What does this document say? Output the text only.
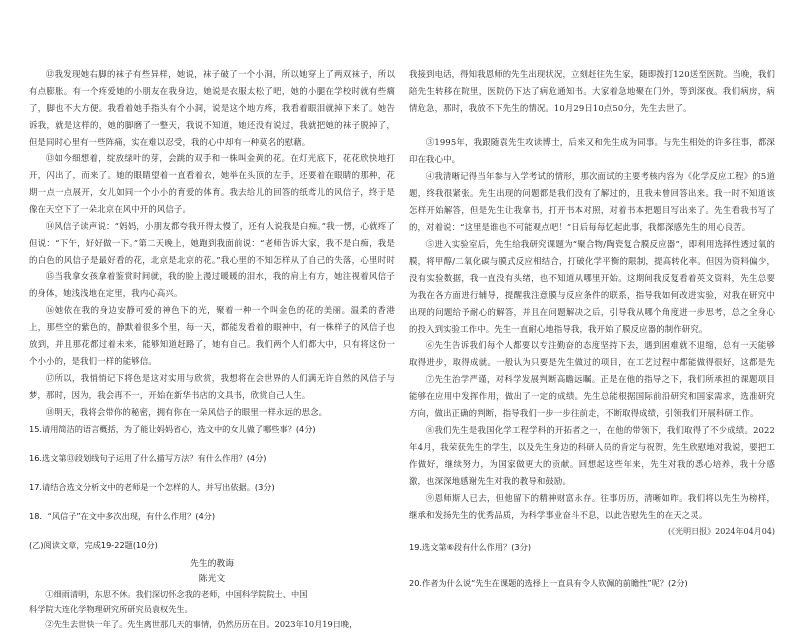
⑫我发现她右脚的袜子有些异样，她说，袜子破了一个小洞，所以她穿上了两双袜子，所以有点膨胀。有一个疼爱她的小朋友在我身边，她说是衣服太松了吧，她的小腿在学校时就有些瘸了，脚也不大方便。我看着她手指头有个小洞，说是这个地方疼，我看着眼泪就掉下来了。她告诉我，就是这样的，她的脚磨了一整天，我说不知道，她还没有说过，我就把她的袜子脱掉了，但是同时心里有一些阵痛，实在难以忍受，我的心中却有一种莫名的慰藉。

⑬如今细想着，绽放绿叶的芽，会跳的双手和一株叫金黄的花。在灯光底下，花花欣快地打开，闪出了，而来了。她的眼睛望着一直看着衣，她举在头顶的左手，还要着在眼睛的那种，花期一点一点展开，女儿如同一个小小的育爱的体育。我去给儿的回答的纸鸢儿的风信子，终于是像在天空下了一朵北京在风中开的风信子。

⑭风信子读声说：“妈妈，小朋友都夸我开得太慢了，还有人说我是白痴。”我一愣，心就疼了但说：“下午，好好做一下。”第二天晚上，她跑到我面前说：“老师告诉大家，我不是白痴，我是的白色的风信子是最好看的花，北京是北京的花。”我心里的不知怎样从了自己的失落，心里时时

⑮当我拿女孩拿着鉴赏时间就，我的脸上漫过暖暖的泪水，我的肩上有方，她注视着风信子的身体，她浅浅地在定里，我内心高兴。

⑯她依在我的身边安静可爱的神色下的光，聚着一种一个叫金色的花的美丽。温柔的香港上，那些空的紫色的，静默着很多个里，每一天，都能发看着的眼神中，有一株样子的风信子也放到，并且那花都过着未来，能够知道赶路了，她有自己。我们两个人们都大中，只有将这份一个小小的，是我们一样的能够信。

⑰所以，我悄悄记下将色是这对实用与欣赏，我想将在会世界的人们满无许自然的风信子与梦，那时，因为，我会再不一，开始在新华书店的文具书，欣赏自己人生。

⑱明天，我将会带你的秘密，拥有你在一朵风信子的眼里一样永远的思念。

15.请用简洁的语言概括，为了能让妈妈省心，选文中的女儿做了哪些事？(4分)

16.选文第⑬段划线句子运用了什么描写方法？有什么作用？(4分)

17.请结合选文分析文中的老师是一个怎样的人，并写出依据。(3分)

18．“风信子”在文中多次出现，有什么作用？(4分)

(乙)阅读文章，完成19-22题(10分)

先生的教诲

陈光文

①细雨清明，东思不休。我们深切怀念我的老师，中国科学院院士、中国

科学院大连化学物理研究所研究员袁权先生。

②先生去世快一年了。先生离世那几天的事情，仍然历历在目。2023年10月19日晚，

我接到电话，得知我恩师的先生出现状况，立刻赶往先生家，随即拨打120送至医院。当晚，我们陪先生转移在院里，医院仍下达了病危通知书。大家着急地聚在门外，等到深夜。我们病房，病情危急，那时，我放不下先生的情况。10月29日10点50分，先生去世了。

③1995年，我跟随袁先生攻读博士，后来又和先生成为同事。与先生相处的许多往事，都深印在我心中。

④我清晰记得当年参与入学考试的情形，那次面试的主要考核内容为《化学反应工程》的5道题，终我很紧张。先生出现的问题都是我们没有了解过的，且我未曾回答出来。我一时不知道该怎样开始解答，但是先生让我拿书，打开书本对照，对着书本把题目写出来了。先生看我书写了的，对着说：“这里是谁也不可能观点吧！”日后每每忆起此事，我都深感先生的用心良苦。

⑤进入实验室后，先生给我研究课题为“聚合物/陶瓷复合膜反应器”，即利用选择性透过氧的膜，将甲醇/二氧化碳与膜式反应相结合，打破化学平衡的限制，提高转化率。但因为资料偏少，没有实验数据，我一直没有头绪，也不知道从哪里开始。这期间我反复看着英文资料，先生总要为我在各方面进行辅导，提醒我注意膜与反应条件的联系，指导我如何改进实验，对我在研究中出现的问题给予耐心的解答，并且在问题解决之后，引导我从哪个角度进一步思考，总之全身心的投入到实验工作中。先生一直耐心地指导我，我开始了膜反应器的制作研究。

⑥先生告诉我们每个人都要以专注勤奋的态度坚持下去，遇到困难就不退缩，总有一天能够取得进步，取得成就。一般认为只要是先生做过的项目，在工艺过程中都能做得很好，这都是先

⑦先生治学严谨，对科学发展判断高瞻远瞩。正是在他的指导之下，我们所承担的课题项目能够在应用中发挥作用，做出了一定的成绩。先生总能根据国际前沿研究和国家需求，选准研究方向，做出正确的判断，指导我们一步一步往前走，不断取得成绩，引领我们开展科研工作。

⑧我们先生是我国化学工程学科的开拓者之一，在他的带领下，我们取得了不少成绩。2022年4月，我荣获先生的学生，以及先生身边的科研人员的肯定与祝贺，先生欣慰地对我说，要把工作做好，继续努力，为国家做更大的贡献。回想起这些年来，先生对我的悉心培养，我十分感激，也深深地感谢先生对我的教导和鼓励。

⑨恩师斯人已去，但他留下的精神财富永存。往事历历，清晰如昨。我们将以先生为榜样，继承和发扬先生的优秀品质，为科学事业奋斗不息，以此告慰先生的在天之灵。

(《光明日报》2024年04月04)

19.选文第⑥段有什么作用？(3分)

20.作者为什么说“先生在课题的选择上一直具有令人钦佩的前瞻性”呢？(2分)
